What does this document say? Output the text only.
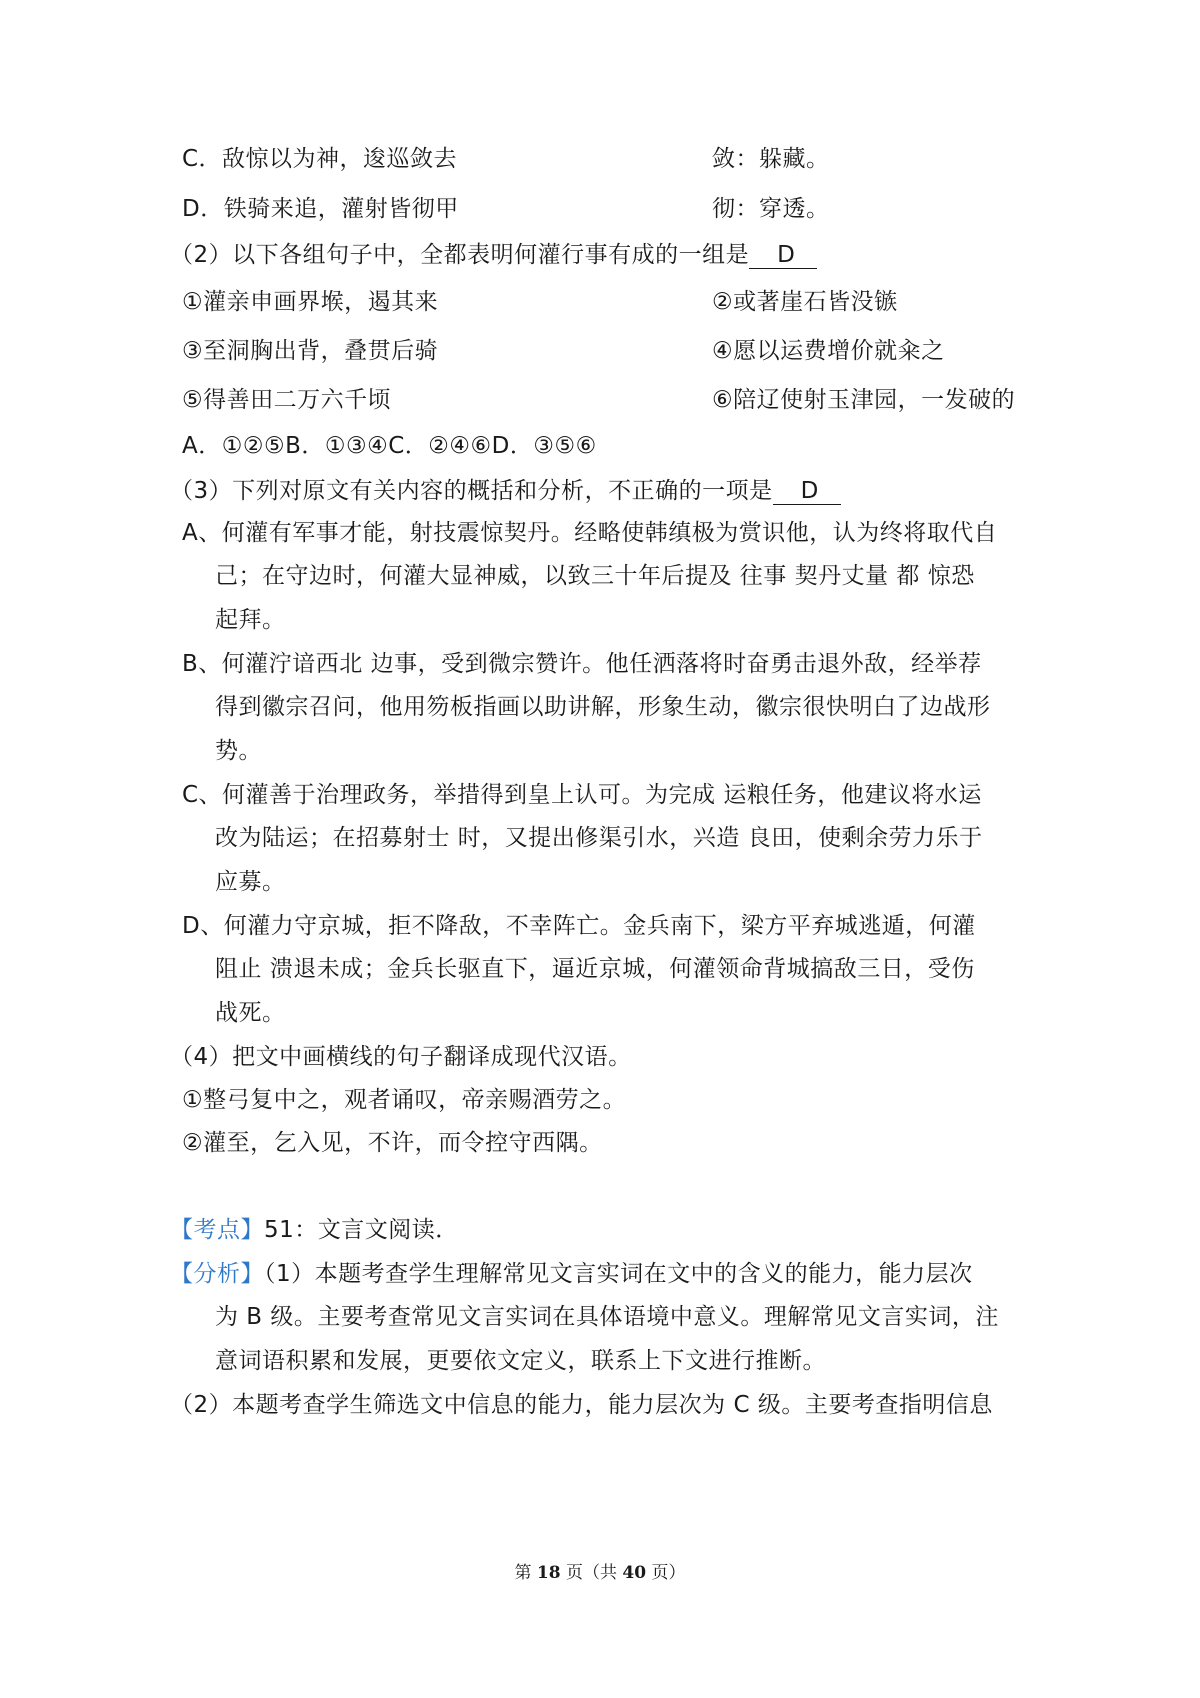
C．敌惊以为神，逡巡敛去	敛：躲藏。
D．铁骑来追，灌射皆彻甲	彻：穿透。
（2）以下各组句子中，全都表明何灌行事有成的一组是 D
①灌亲申画界堠，遏其来	②或著崖石皆没镞
③至洞胸出背，叠贯后骑	④愿以运费增价就籴之
⑤得善田二万六千顷	⑥陪辽使射玉津园，一发破的
A．①②⑤B．①③④C．②④⑥D．③⑤⑥
（3）下列对原文有关内容的概括和分析，不正确的一项是 D
A、何灌有军事才能，射技震惊契丹。经略使韩缜极为赏识他，认为终将取代自
己；在守边时，何灌大显神威，以致三十年后提及 往事 契丹丈量 都 惊恐
起拜。
B、何灌泞谙西北 边事，受到微宗赞许。他任洒落将时奋勇击退外敌，经举荐
得到徽宗召问，他用笏板指画以助讲解，形象生动，徽宗很快明白了边战形
势。
C、何灌善于治理政务，举措得到皇上认可。为完成 运粮任务，他建议将水运
改为陆运；在招募射士 时，又提出修渠引水，兴造 良田，使剩余劳力乐于
应募。
D、何灌力守京城，拒不降敌，不幸阵亡。金兵南下，梁方平弃城逃遁，何灌
阻止 溃退未成；金兵长驱直下，逼近京城，何灌领命背城搞敌三日，受伤
战死。
（4）把文中画横线的句子翻译成现代汉语。
①整弓复中之，观者诵叹，帝亲赐酒劳之。
②灌至，乞入见，不许，而令控守西隅。
【考点】51：文言文阅读．
【分析】（1）本题考查学生理解常见文言实词在文中的含义的能力，能力层次
为 B 级。主要考查常见文言实词在具体语境中意义。理解常见文言实词，注
意词语积累和发展，更要依文定义，联系上下文进行推断。
（2）本题考查学生筛选文中信息的能力，能力层次为 C 级。主要考查指明信息
第 18 页（共 40 页）
